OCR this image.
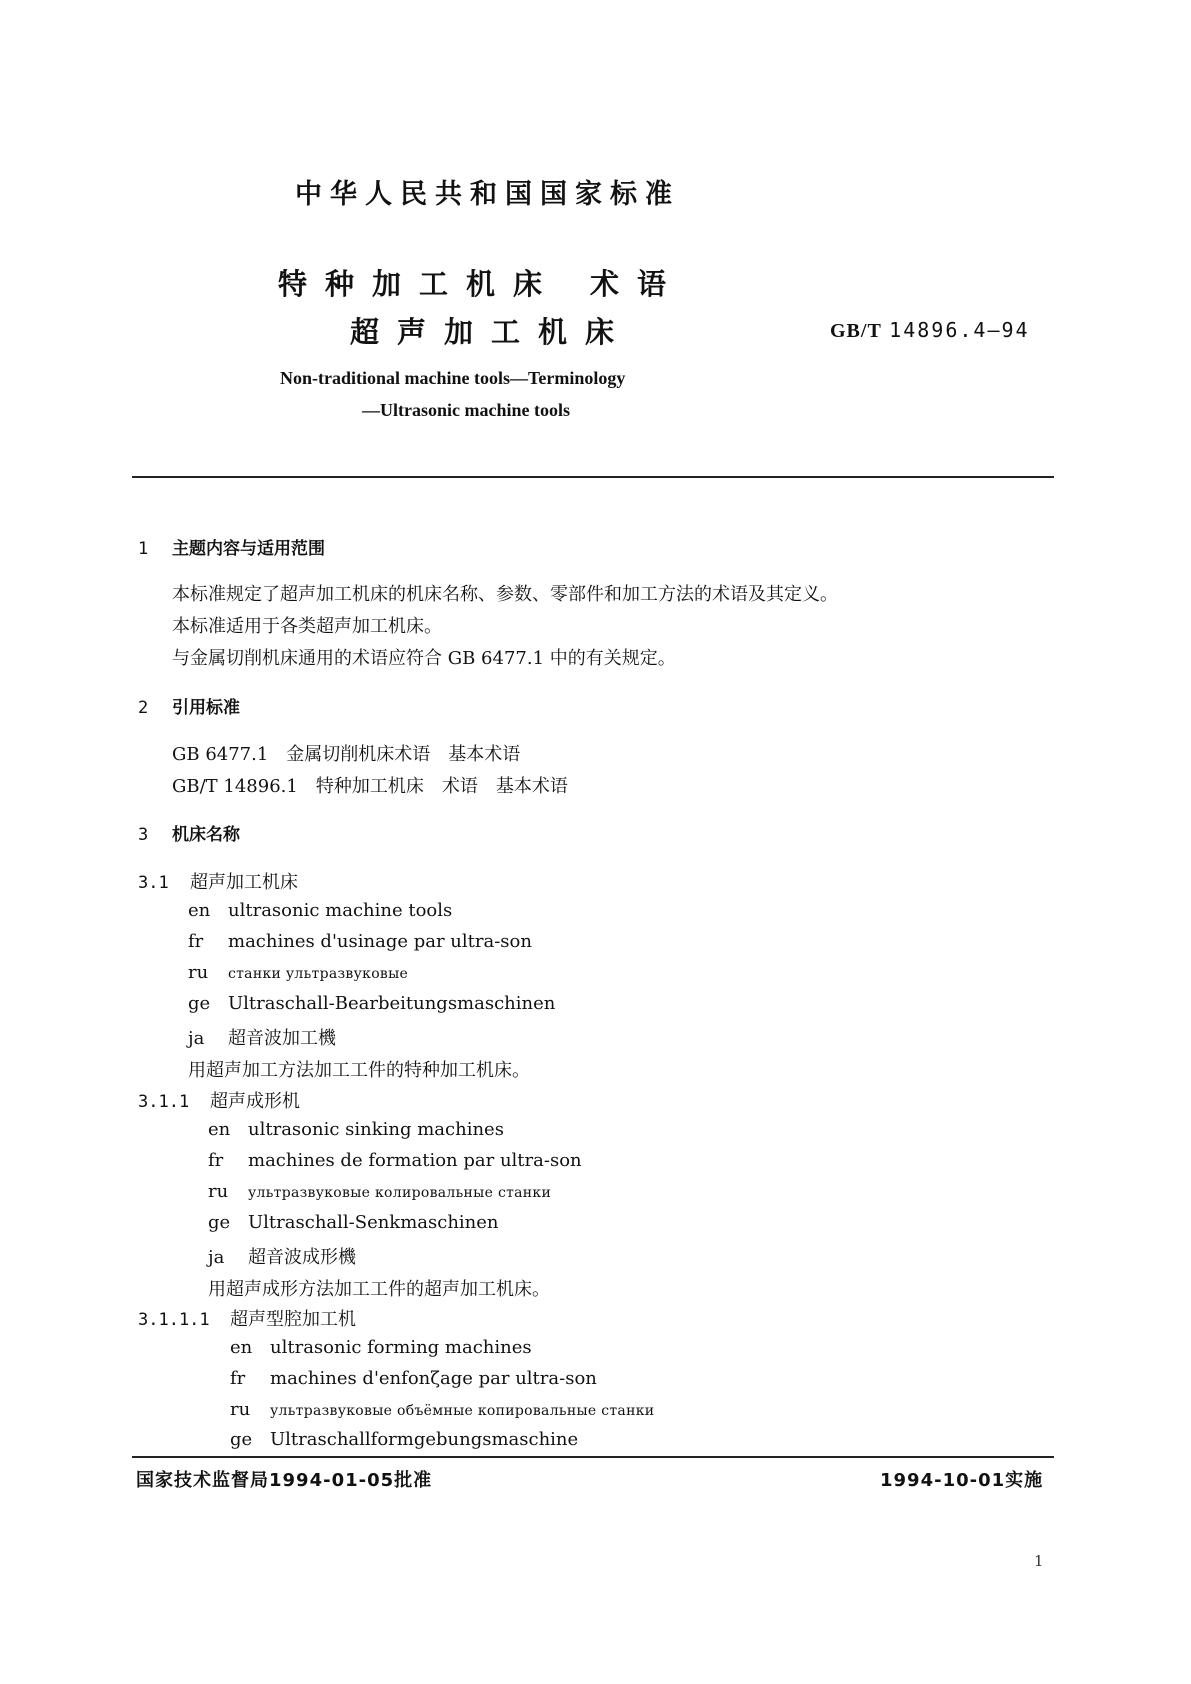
中华人民共和国国家标准
特种加工机床 术语
超声加工机床	GB/T 14896.4—94
Non-traditional machine tools—Terminology
—Ultrasonic machine tools
1 主题内容与适用范围
本标准规定了超声加工机床的机床名称、参数、零部件和加工方法的术语及其定义。
本标准适用于各类超声加工机床。
与金属切削机床通用的术语应符合 GB 6477.1 中的有关规定。
2 引用标准
GB 6477.1　金属切削机床术语　基本术语
GB/T 14896.1　特种加工机床　术语　基本术语
3 机床名称
3.1 超声加工机床
en ultrasonic machine tools
fr machines d'usinage par ultra-son
ru станки ультразвуковые
ge Ultraschall-Bearbeitungsmaschinen
ja 超音波加工機
用超声加工方法加工工件的特种加工机床。
3.1.1 超声成形机
en ultrasonic sinking machines
fr machines de formation par ultra-son
ru ультразвуковые колировальные станки
ge Ultraschall-Senkmaschinen
ja 超音波成形機
用超声成形方法加工工件的超声加工机床。
3.1.1.1 超声型腔加工机
en ultrasonic forming machines
fr machines d'enfonζage par ultra-son
ru ультразвуковые объёмные копировальные станки
ge Ultraschallformgebungsmaschine
国家技术监督局1994-01-05批准	1994-10-01实施
1
